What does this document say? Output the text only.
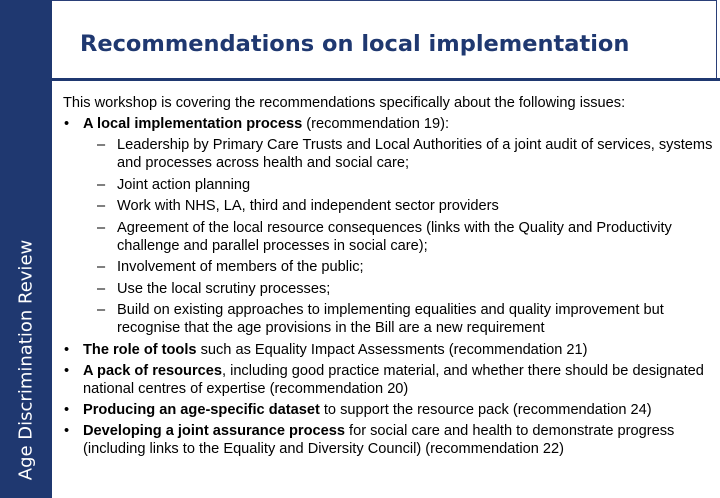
Age Discrimination Review
Recommendations on local implementation

This workshop is covering the recommendations specifically about the following issues:

• A local implementation process (recommendation 19):
– Leadership by Primary Care Trusts and Local Authorities of a joint audit of services, systems and processes across health and social care;
– Joint action planning
– Work with NHS, LA, third and independent sector providers
– Agreement of the local resource consequences (links with the Quality and Productivity challenge and parallel processes in social care);
– Involvement of members of the public;
– Use the local scrutiny processes;
– Build on existing approaches to implementing equalities and quality improvement but recognise that the age provisions in the Bill are a new requirement
• The role of tools such as Equality Impact Assessments (recommendation 21)
• A pack of resources, including good practice material, and whether there should be designated national centres of expertise (recommendation 20)
• Producing an age-specific dataset to support the resource pack (recommendation 24)
• Developing a joint assurance process for social care and health to demonstrate progress (including links to the Equality and Diversity Council) (recommendation 22)
